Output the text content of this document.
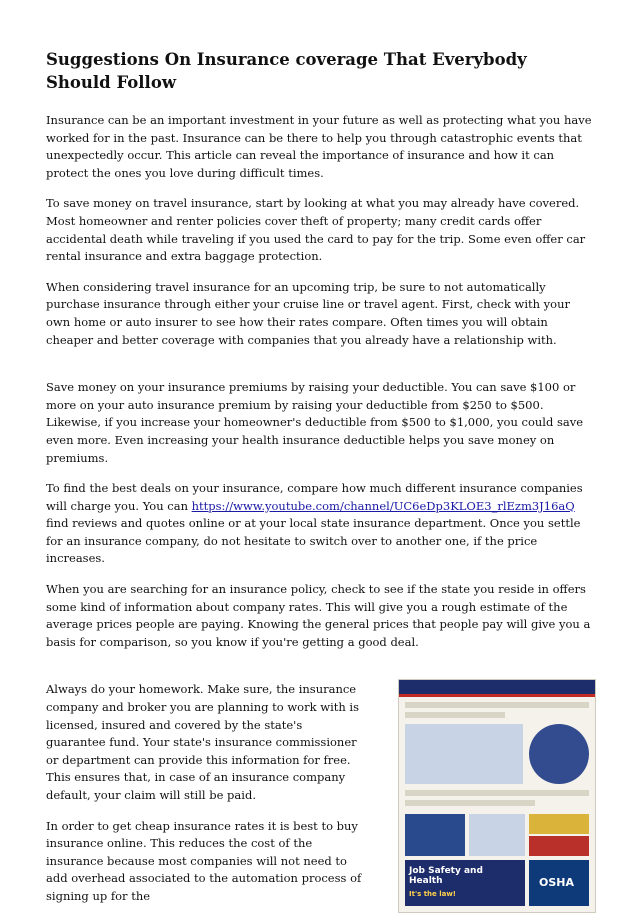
Suggestions On Insurance coverage That Everybody Should Follow

Insurance can be an important investment in your future as well as protecting what you have worked for in the past. Insurance can be there to help you through catastrophic events that unexpectedly occur. This article can reveal the importance of insurance and how it can protect the ones you love during difficult times.

To save money on travel insurance, start by looking at what you may already have covered. Most homeowner and renter policies cover theft of property; many credit cards offer accidental death while traveling if you used the card to pay for the trip. Some even offer car rental insurance and extra baggage protection.

When considering travel insurance for an upcoming trip, be sure to not automatically purchase insurance through either your cruise line or travel agent. First, check with your own home or auto insurer to see how their rates compare. Often times you will obtain cheaper and better coverage with companies that you already have a relationship with.

Save money on your insurance premiums by raising your deductible. You can save $100 or more on your auto insurance premium by raising your deductible from $250 to $500. Likewise, if you increase your homeowner's deductible from $500 to $1,000, you could save even more. Even increasing your health insurance deductible helps you save money on premiums.

To find the best deals on your insurance, compare how much different insurance companies will charge you. You can https://www.youtube.com/channel/UC6eDp3KLOE3_rlEzm3J16aQ find reviews and quotes online or at your local state insurance department. Once you settle for an insurance company, do not hesitate to switch over to another one, if the price increases.

When you are searching for an insurance policy, check to see if the state you reside in offers some kind of information about company rates. This will give you a rough estimate of the average prices people are paying. Knowing the general prices that people pay will give you a basis for comparison, so you know if you're getting a good deal.

Always do your homework. Make sure, the insurance company and broker you are planning to work with is licensed, insured and covered by the state's guarantee fund. Your state's insurance commissioner or department can provide this information for free. This ensures that, in case of an insurance company default, your claim will still be paid.

In order to get cheap insurance rates it is best to buy insurance online. This reduces the cost of the insurance because most companies will not need to add overhead associated to the automation process of signing up for the

Job Safety and Health
It's the law!
OSHA
